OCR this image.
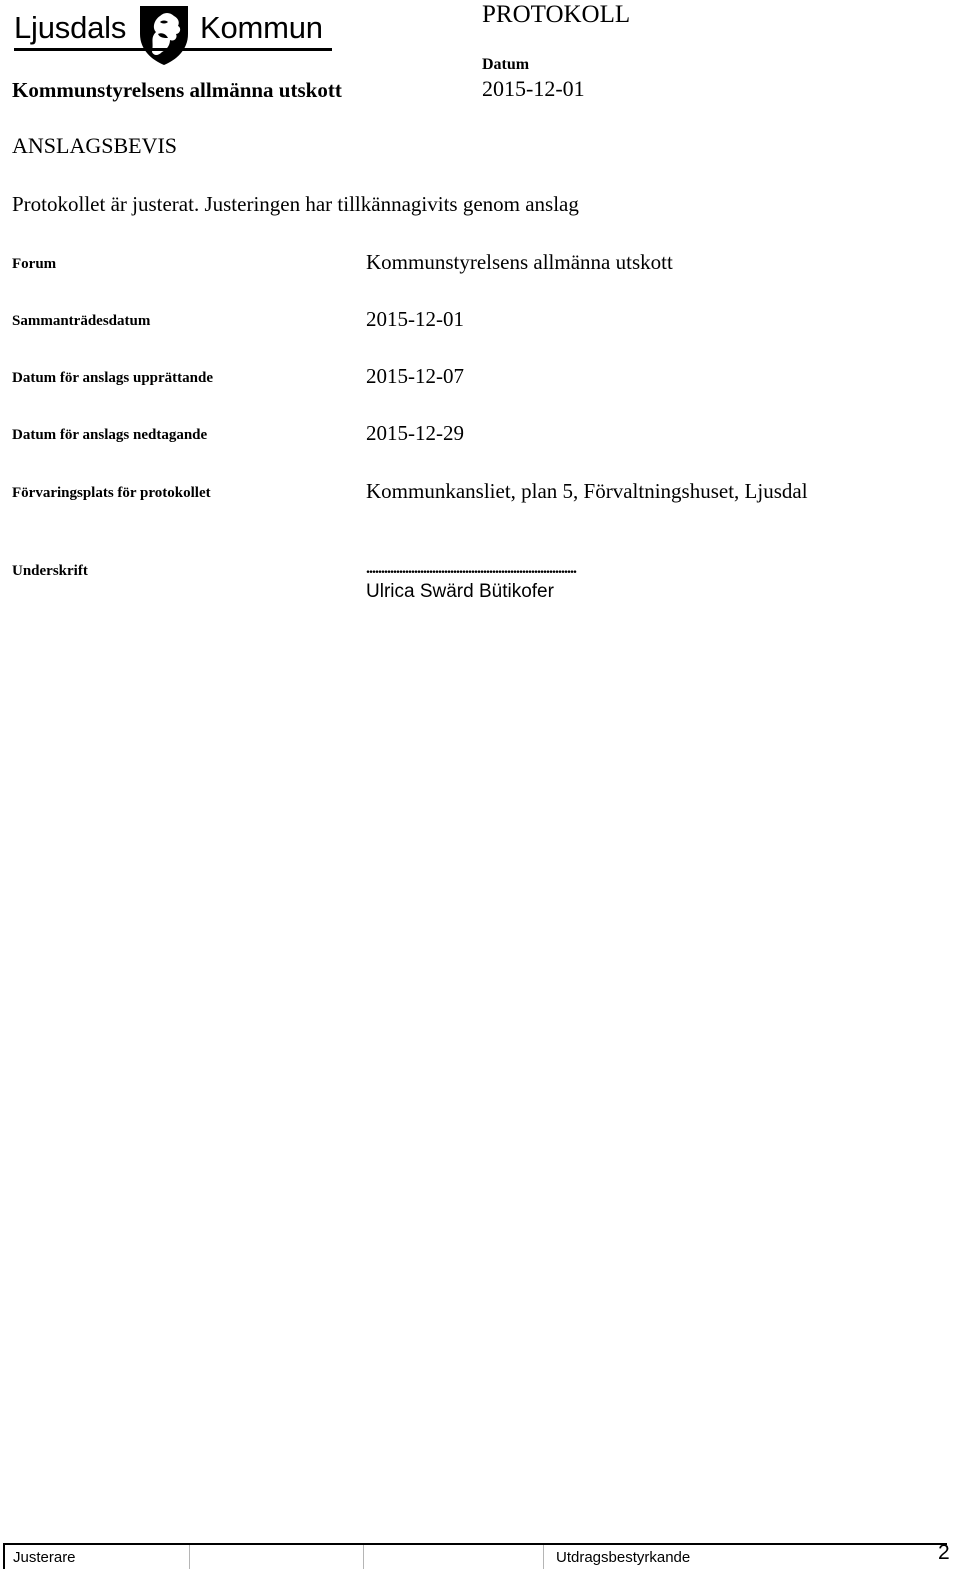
Ljusdals Kommun	PROTOKOLL
Datum
Kommunstyrelsens allmänna utskott	2015-12-01
ANSLAGSBEVIS
Protokollet är justerat. Justeringen har tillkännagivits genom anslag
Forum	Kommunstyrelsens allmänna utskott
Sammanträdesdatum	2015-12-01
Datum för anslags upprättande	2015-12-07
Datum för anslags nedtagande	2015-12-29
Förvaringsplats för protokollet	Kommunkansliet, plan 5, Förvaltningshuset, Ljusdal
Underskrift	......................................................................
Ulrica Swärd Bütikofer
Justerare	Utdragsbestyrkande	2
